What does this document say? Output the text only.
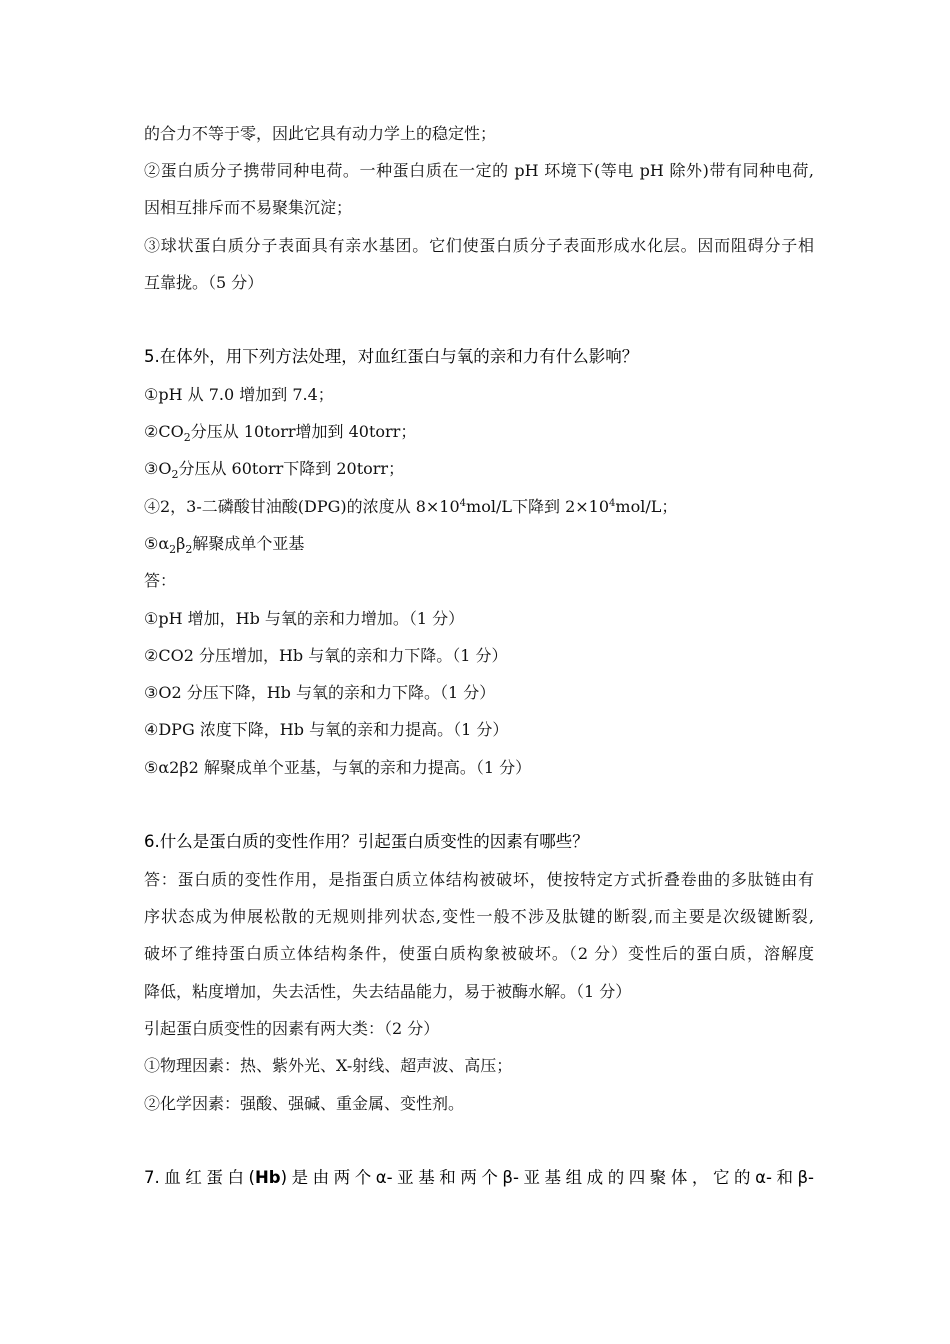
的合力不等于零，因此它具有动力学上的稳定性；
②蛋白质分子携带同种电荷。一种蛋白质在一定的 pH 环境下(等电 pH 除外)带有同种电荷,
因相互排斥而不易聚集沉淀；
③球状蛋白质分子表面具有亲水基团。它们使蛋白质分子表面形成水化层。因而阻碍分子相
互靠拢。（5 分）
5.在体外，用下列方法处理，对血红蛋白与氧的亲和力有什么影响？
①pH 从 7.0 增加到 7.4；
$②CO_2$分压从 10torr增加到 40torr；
$③O_2$分压从 60torr下降到 20torr；
④2，3-二磷酸甘油酸(DPG)的浓度从 $8\times 10^4mol/L$下降到 $2\times 10^4mol/L$；
$⑤\alpha_2\beta_2$解聚成单个亚基
答：
①pH 增加，Hb 与氧的亲和力增加。（1 分）
②CO2 分压增加，Hb 与氧的亲和力下降。（1 分）
③O2 分压下降，Hb 与氧的亲和力下降。（1 分）
④DPG 浓度下降，Hb 与氧的亲和力提高。（1 分）
⑤α2β2 解聚成单个亚基，与氧的亲和力提高。（1 分）
6.什么是蛋白质的变性作用？引起蛋白质变性的因素有哪些？
答：蛋白质的变性作用，是指蛋白质立体结构被破坏，使按特定方式折叠卷曲的多肽链由有
序状态成为伸展松散的无规则排列状态,变性一般不涉及肽键的断裂,而主要是次级键断裂,
破坏了维持蛋白质立体结构条件，使蛋白质构象被破坏。（2 分）变性后的蛋白质，溶解度
降低，粘度增加，失去活性，失去结晶能力，易于被酶水解。（1 分）
引起蛋白质变性的因素有两大类：（2 分）
①物理因素：热、紫外光、X-射线、超声波、高压；
②化学因素：强酸、强碱、重金属、变性剂。
7.血红蛋白(Hb)是由两个α-亚基和两个β-亚基组成的四聚体，它的α-和β-
